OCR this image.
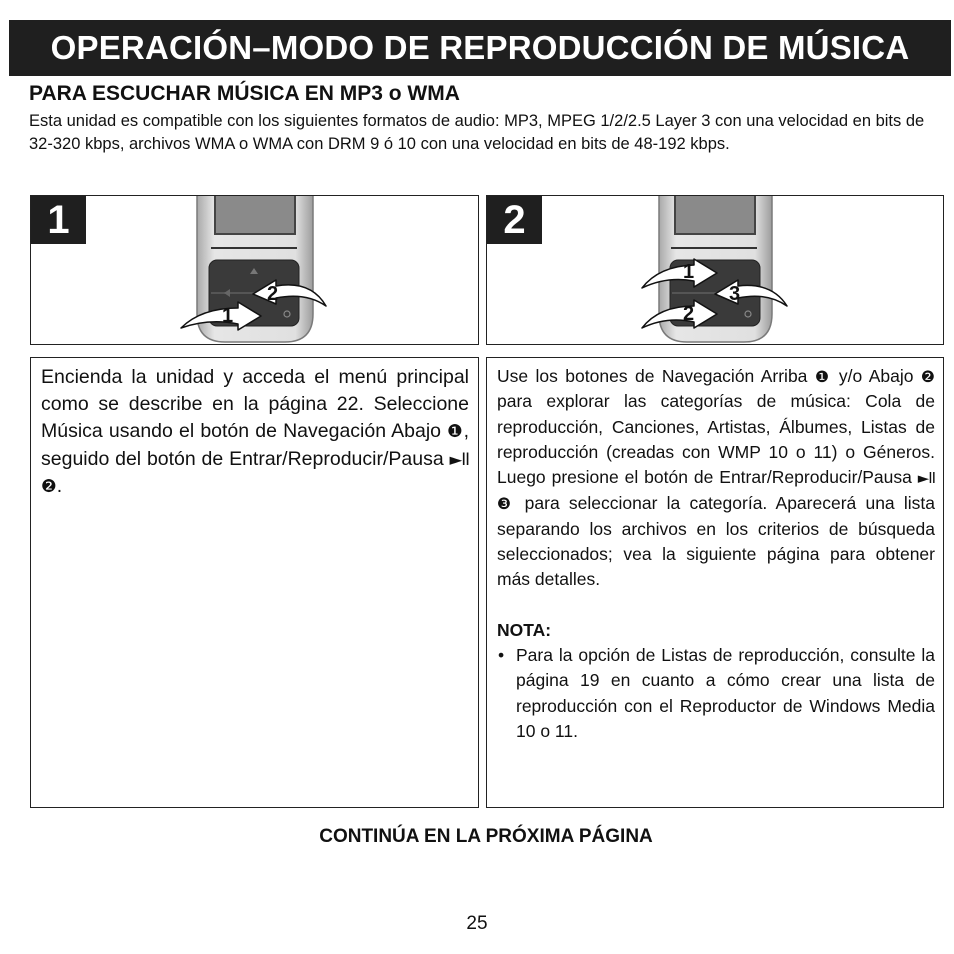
OPERACIÓN–MODO DE REPRODUCCIÓN DE MÚSICA
PARA ESCUCHAR MÚSICA EN MP3 o WMA
Esta unidad es compatible con los siguientes formatos de audio: MP3, MPEG 1/2/2.5 Layer 3 con una velocidad en bits de 32-320 kbps, archivos WMA o WMA con DRM 9 ó 10 con una velocidad en bits de 48-192 kbps.
1
2
1
2
1
3
2

Encienda la unidad y acceda el menú principal como se describe en la página 22. Seleccione Música usando el botón de Navegación Abajo ❶, seguido del botón de Entrar/Reproducir/Pausa ►II ❷.

Use los botones de Navegación Arriba ❶ y/o Abajo ❷ para explorar las categorías de música: Cola de reproducción, Canciones, Artistas, Álbumes, Listas de reproducción (creadas con WMP 10 o 11) o Géneros. Luego presione el botón de Entrar/Reproducir/Pausa ►II ❸ para seleccionar la categoría. Aparecerá una lista separando los archivos en los criterios de búsqueda seleccionados; vea la siguiente página para obtener más detalles.

NOTA:

• Para la opción de Listas de reproducción, consulte la página 19 en cuanto a cómo crear una lista de reproducción con el Reproductor de Windows Media 10 o 11.

CONTINÚA EN LA PRÓXIMA PÁGINA
25
